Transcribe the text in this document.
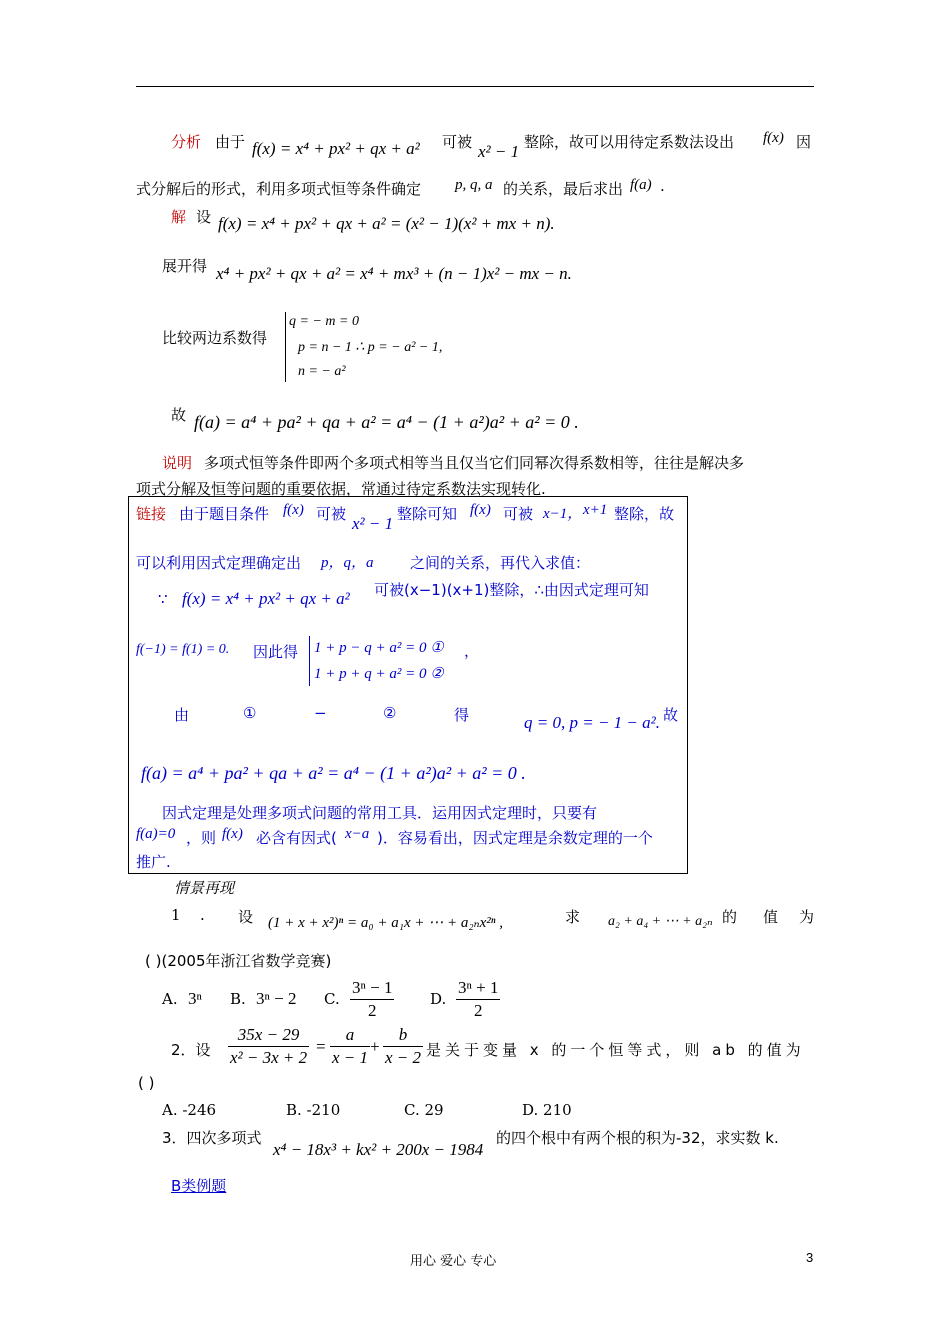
分析 由于 f(x) = x⁴ + px² + qx + a² 可被 x² − 1 整除，故可以用待定系数法设出 f(x) 因
式分解后的形式，利用多项式恒等条件确定 p, q, a 的关系，最后求出 f(a) .
解 设 f(x) = x⁴ + px² + qx + a² = (x² − 1)(x² + mx + n).
展开得 x⁴ + px² + qx + a² = x⁴ + mx³ + (n − 1)x² − mx − n.
比较两边系数得
q = − m = 0
p = n − 1 ∴ p = − a² − 1,
n = − a²
故 f(a) = a⁴ + pa² + qa + a² = a⁴ − (1 + a²)a² + a² = 0 .
说明 多项式恒等条件即两个多项式相等当且仅当它们同幂次得系数相等，往往是解决多
项式分解及恒等问题的重要依据，常通过待定系数法实现转化.
链接 由于题目条件 f(x) 可被 x² − 1 整除可知 f(x) 可被 x−1， x+1 整除，故
可以利用因式定理确定出 p，q，a 之间的关系，再代入求值：
∵ f(x) = x⁴ + px² + qx + a² 可被(x−1)(x+1)整除，∴由因式定理可知
f(−1) = f(1) = 0. 因此得 1 + p − q + a² = 0 ①
1 + p + q + a² = 0 ②
，
由	①	−	②	得	q = 0, p = − 1 − a². 故
f(a) = a⁴ + pa² + qa + a² = a⁴ − (1 + a²)a² + a² = 0 .
因式定理是处理多项式问题的常用工具．运用因式定理时，只要有
f(a)=0 ，则 f(x) 必含有因式( x−a )．容易看出，因式定理是余数定理的一个
推广.
情景再现
1 . 设 (1 + x + x²)ⁿ = a₀ + a₁x + ⋯ + a₂ₙx²ⁿ ,	求 a₂ + a₄ + ⋯ + a₂ₙ 的 值 为
( )(2005年浙江省数学竞赛)
A. 3ⁿ B. 3ⁿ − 2 C. $\frac{\text{3ⁿ − 1}}{2} D$. $\frac{\text{3ⁿ + 1}}{2}$
2．设 $\frac{35x - 29}{\text{x² − 3x + 2}} = \frac{a}{x - 1} + \frac{b}{x - 2}$ 是关于变量 x 的一个恒等式，则 ab 的值为
( )
A. -246	B. -210	C. 29	D. 210
3．四次多项式
x⁴ − 18x³ + kx² + 200x − 1984
的四个根中有两个根的积为-32，求实数 k.
B类例题
用心 爱心 专心	3
